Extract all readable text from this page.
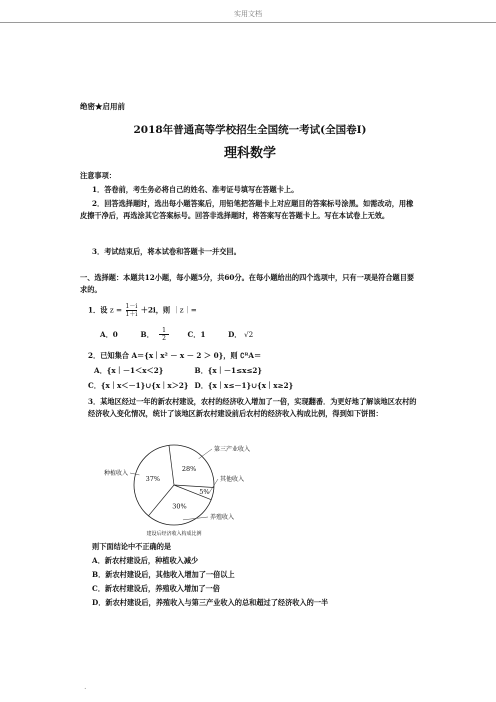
实用文档
绝密★启用前
2018年普通高等学校招生全国统一考试(全国卷Ⅰ)
理科数学
注意事项：
1．答卷前，考生务必将自己的姓名、准考证号填写在答题卡上。
2．回答选择题时，选出每小题答案后，用铅笔把答题卡上对应题目的答案标号涂黑。如需改动，用橡皮擦干净后，再选涂其它答案标号。回答非选择题时，将答案写在答题卡上。写在本试卷上无效。
3．考试结束后，将本试卷和答题卡一并交回。
一、选择题：本题共12小题，每小题5分，共60分。在每小题给出的四个选项中，只有一项是符合题目要求的。
1．设 $z = \frac{1-i}{1+i} +2i$，则 ｜z｜=
A．0	B． $\frac{1}{2}$	C．1	D． √2
2．已知集合 A＝{x｜x² － x － 2 ＞ 0}，则 ∁ᴿA＝
A．{x｜－1＜x＜2}	B．{x｜－1≤x≤2}
C．{x｜x＜－1}∪{x｜x＞2} D．{x｜x≤－1}∪{x｜x≥2}
3．某地区经过一年的新农村建设，农村的经济收入增加了一倍，实现翻番．为更好地了解该地区农村的经济收入变化情况，统计了该地区新农村建设前后农村的经济收入构成比例，得到如下饼图：
28%
第三产业收入
5%
其他收入
30%
养殖收入
37%
种植收入
建设后经济收入构成比例
则下面结论中不正确的是
A．新农村建设后，种植收入减少
B．新农村建设后，其他收入增加了一倍以上
C．新农村建设后，养殖收入增加了一倍
D．新农村建设后，养殖收入与第三产业收入的总和超过了经济收入的一半
.
